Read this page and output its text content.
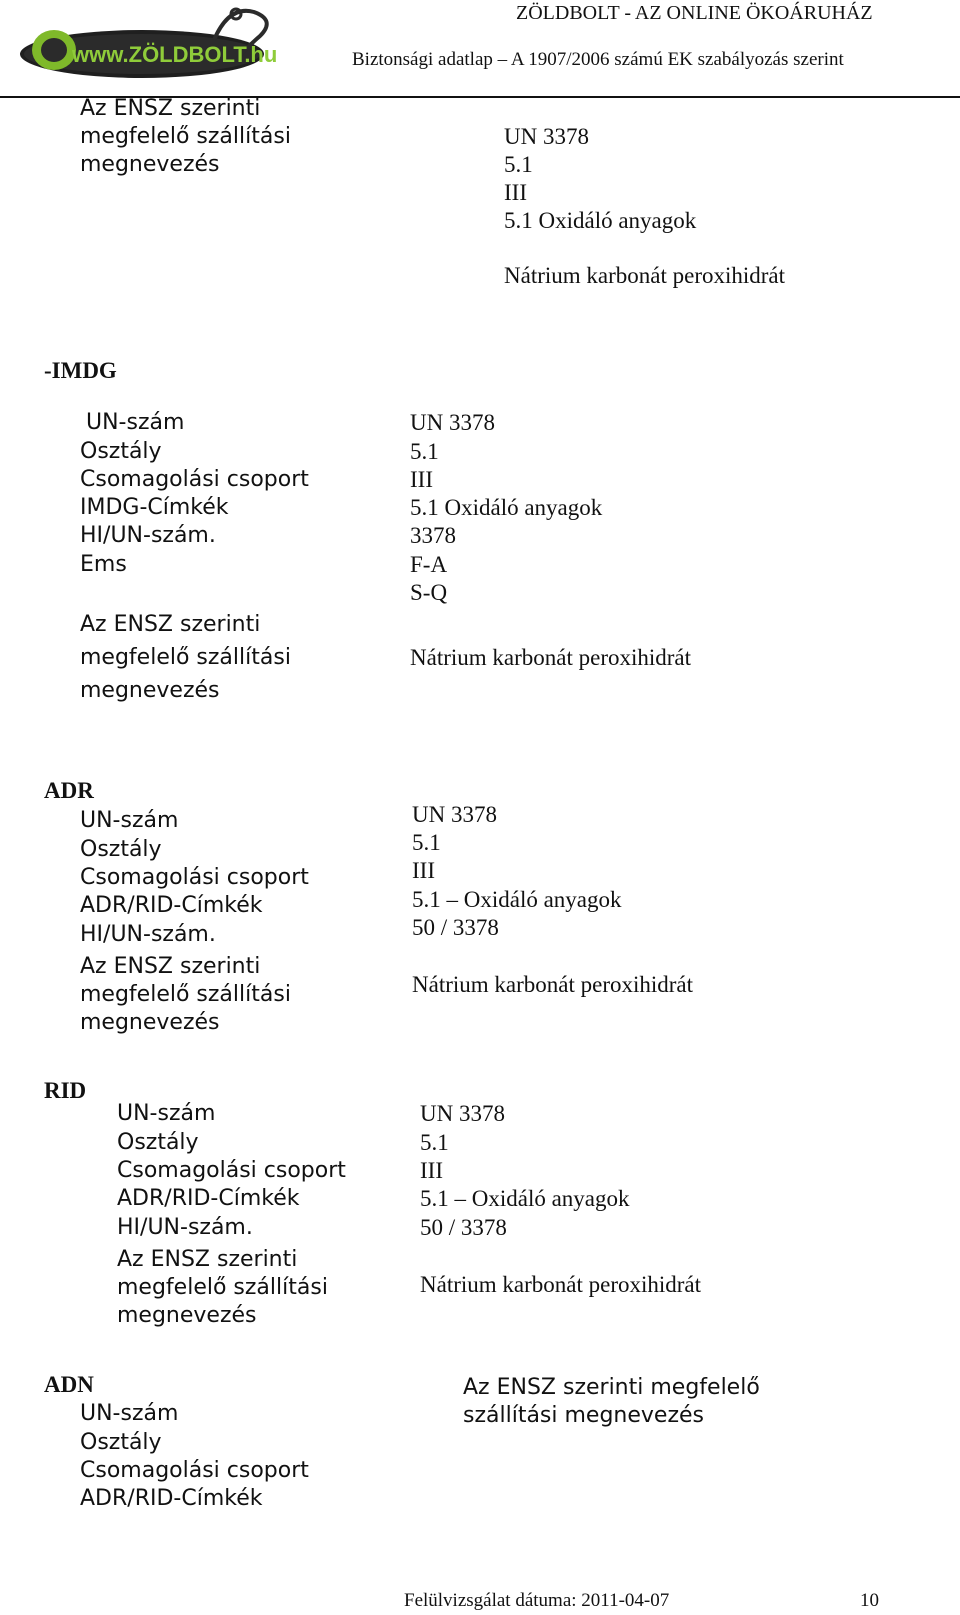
www.ZÖLDBOLT.hu
ZÖLDBOLT - AZ ONLINE ÖKOÁRUHÁZ
Biztonsági adatlap – A 1907/2006 számú EK szabályozás szerint
Az ENSZ szerinti
megfelelő szállítási
megnevezés
UN 3378
5.1
III
5.1 Oxidáló anyagok
Nátrium karbonát peroxihidrát
-IMDG
UN-szám
Osztály
Csomagolási csoport
IMDG-Címkék
HI/UN-szám.
Ems
UN 3378
5.1
III
5.1 Oxidáló anyagok
3378
F-A
S-Q
Az ENSZ szerinti
megfelelő szállítási
megnevezés
Nátrium karbonát peroxihidrát
ADR
UN-szám
Osztály
Csomagolási csoport
ADR/RID-Címkék
HI/UN-szám.
UN 3378
5.1
III
5.1 – Oxidáló anyagok
50 / 3378
Az ENSZ szerinti
megfelelő szállítási
megnevezés
Nátrium karbonát peroxihidrát
RID
UN-szám
Osztály
Csomagolási csoport
ADR/RID-Címkék
HI/UN-szám.
UN 3378
5.1
III
5.1 – Oxidáló anyagok
50 / 3378
Az ENSZ szerinti
megfelelő szállítási
megnevezés
Nátrium karbonát peroxihidrát
ADN
UN-szám
Osztály
Csomagolási csoport
ADR/RID-Címkék
Az ENSZ szerinti megfelelő
szállítási megnevezés
Felülvizsgálat dátuma: 2011-04-07	10
